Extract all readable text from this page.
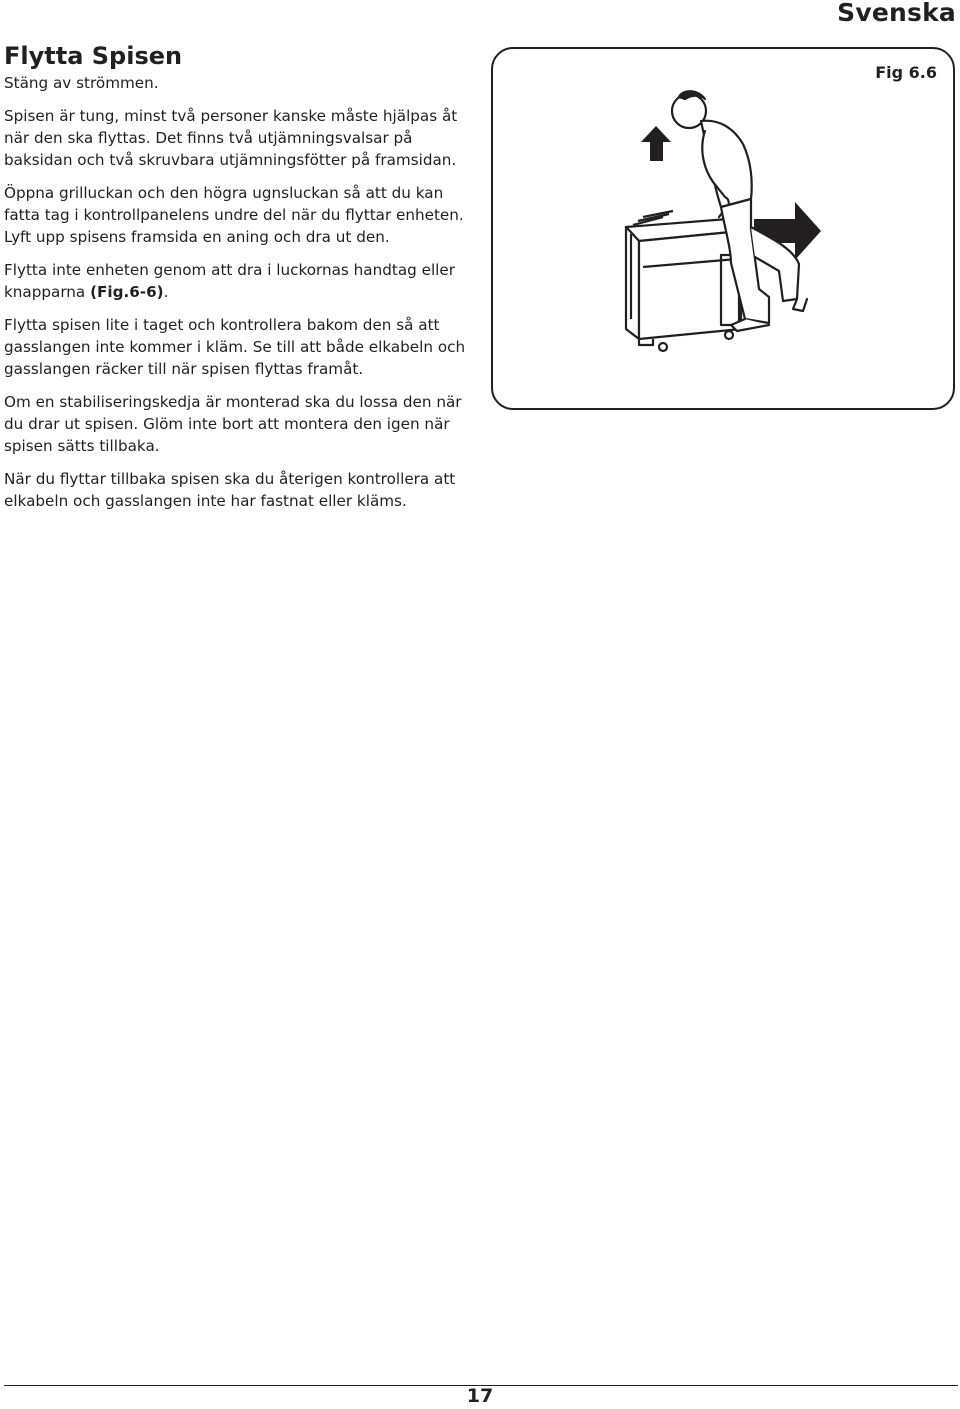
Svenska
Flytta Spisen

Stäng av strömmen.

Spisen är tung, minst två personer kanske måste hjälpas åt när den ska flyttas. Det finns två utjämningsvalsar på baksidan och två skruvbara utjämningsfötter på framsidan.

Öppna grilluckan och den högra ugnsluckan så att du kan fatta tag i kontrollpanelens undre del när du flyttar enheten. Lyft upp spisens framsida en aning och dra ut den.

Flytta inte enheten genom att dra i luckornas handtag eller knapparna (Fig.6-6).

Flytta spisen lite i taget och kontrollera bakom den så att gasslangen inte kommer i kläm. Se till att både elkabeln och gasslangen räcker till när spisen flyttas framåt.

Om en stabiliseringskedja är monterad ska du lossa den när du drar ut spisen. Glöm inte bort att montera den igen när spisen sätts tillbaka.

När du flyttar tillbaka spisen ska du återigen kontrollera att elkabeln och gasslangen inte har fastnat eller kläms.

Fig 6.6
17
